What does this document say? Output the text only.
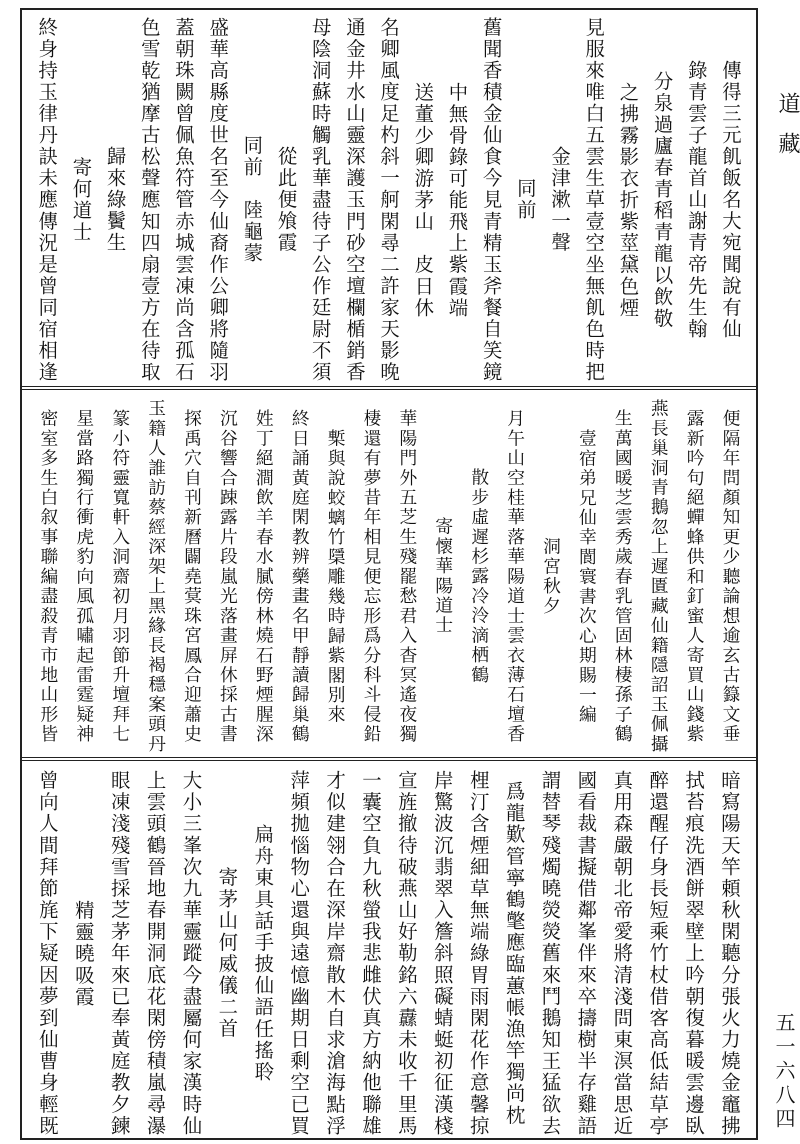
道藏
五一六八四
傳得三元飢飯名大宛聞說有仙
錄青雲子龍首山謝青帝先生翰
分泉過廬春青稻青龍以飲敬
之拂霧影衣折紫莖黛色煙
見服來唯白五雲生草壹空坐無飢色時把
金津漱一聲
同前
舊聞香積金仙食今見青精玉斧餐自笑鏡
中無骨錄可能飛上紫霞端
送董少卿游茅山　皮日休
名卿風度足杓斜一舸閑尋二許家天影晚
通金井水山靈深護玉門砂空壇欄楯銷香
母陰洞蘇時觸乳華盡待子公作廷尉不須
從此便飧霞
同前　陸龜蒙
盛華高縣度世名至今仙裔作公卿將隨羽
蓋朝珠闕曾佩魚符管赤城雲凍尚含孤石
色雪乾猶摩古松聲應知四扇壹方在待取
歸來綠鬢生
寄何道士
終身持玉律丹訣未應傳況是曾同宿相逢
便隔年問顏知更少聽論想逾玄古籙文垂
露新吟句絕蟬蜂供和釘蜜人寄買山錢紫
燕長巢洞青鵝忽上遲匱藏仙籍隱詔玉佩攝
生萬國暖芝雲秀歲春乳管固林棲孫子鶴
壹宿弟兄仙幸閬寰書次心期賜一編
洞宮秋夕
月午山空桂華落華陽道士雲衣薄石壇香
散步虛遲杉露冷泠滴栖鶴
寄懷華陽道士
華陽門外五芝生殘罷愁君入杳冥遙夜獨
棲還有夢昔年相見便忘形爲分科斗侵鉛
槧與說蛟螭竹檃雕幾時歸紫閣別來
終日誦黃庭閑教辨藥畫名甲靜讀歸巢鶴
姓丁絕澗飲羊春水膩傍林燒石野煙腥深
沉谷響合踈露片段嵐光落畫屏休採古書
探禹穴自刊新曆闢堯蓂珠宮鳳合迎蕭史
玉籍人誰訪蔡經深架上黑緣長褐穩案頭丹
篆小符靈寬軒入洞齋初月羽節升壇拜七
星當路獨行衝虎豹向風孤嘯起雷霆疑神
密室多生白叙事聯編盡殺青市地山形皆
暗寫陽天竿頼秋閑聽分張火力燒金竈拂
拭苔痕洗酒餅翠壁上吟朝復暮暖雲邊臥
醉還醒仔身長短乘竹杖借客高低結草亭
真用森嚴朝北帝愛將清淺問東溟當思近
國看裁書擬借鄰峯伴來卒擣樹半存雞語
謂替琴殘燭曉熒熒舊來鬥鵝知王猛欲去
爲龍歎管寧鶴氅應臨蕙帳漁竿獨尚枕
梩汀含煙細草無端綠胃雨閑花作意馨掠
岸驚波沉翡翠入簷斜照礙蜻蜓初征漢棧
宣旌撤待破燕山好勒銘六纛未收千里馬
一囊空負九秋螢我悲雌伏真方納他聯雄
才似建翎合在深岸齋散木自求滄海點浮
萍頻拋惱物心還與遠憶幽期日剩空已買
扁舟東具話手披仙語任搖聆
寄茅山何威儀二首
大小三峯次九華靈蹤今盡屬何家漢時仙
上雲頭鶴晉地春開洞底花閑傍積嵐尋瀑
眼凍淺殘雪採芝茅年來已奉黃庭教夕鍊
精靈曉吸霞
曾向人間拜節旄下疑因夢到仙曹身輕既
